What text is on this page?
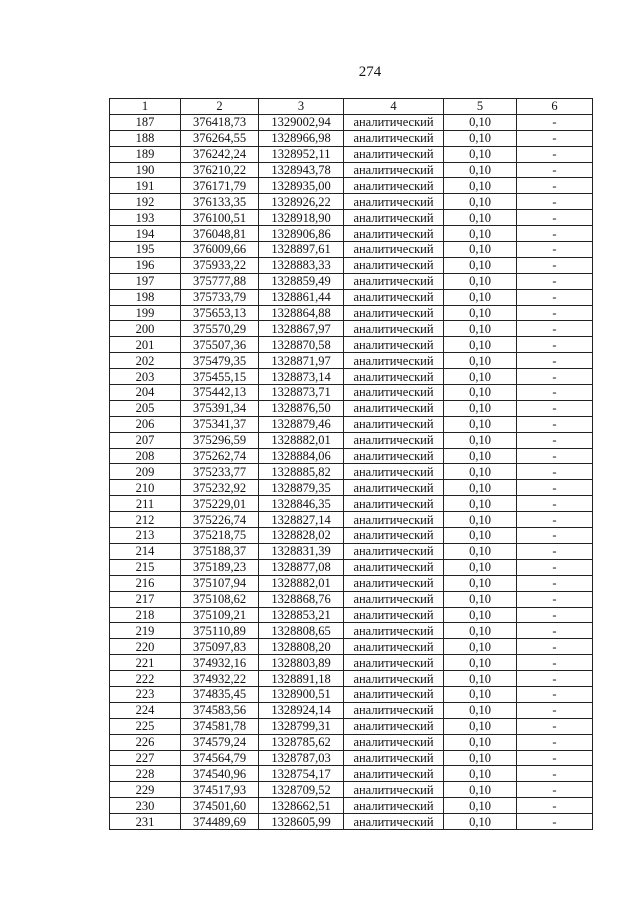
274
1	2	3	4	5	6
187	376418,73	1329002,94	аналитический	0,10	-
188	376264,55	1328966,98	аналитический	0,10	-
189	376242,24	1328952,11	аналитический	0,10	-
190	376210,22	1328943,78	аналитический	0,10	-
191	376171,79	1328935,00	аналитический	0,10	-
192	376133,35	1328926,22	аналитический	0,10	-
193	376100,51	1328918,90	аналитический	0,10	-
194	376048,81	1328906,86	аналитический	0,10	-
195	376009,66	1328897,61	аналитический	0,10	-
196	375933,22	1328883,33	аналитический	0,10	-
197	375777,88	1328859,49	аналитический	0,10	-
198	375733,79	1328861,44	аналитический	0,10	-
199	375653,13	1328864,88	аналитический	0,10	-
200	375570,29	1328867,97	аналитический	0,10	-
201	375507,36	1328870,58	аналитический	0,10	-
202	375479,35	1328871,97	аналитический	0,10	-
203	375455,15	1328873,14	аналитический	0,10	-
204	375442,13	1328873,71	аналитический	0,10	-
205	375391,34	1328876,50	аналитический	0,10	-
206	375341,37	1328879,46	аналитический	0,10	-
207	375296,59	1328882,01	аналитический	0,10	-
208	375262,74	1328884,06	аналитический	0,10	-
209	375233,77	1328885,82	аналитический	0,10	-
210	375232,92	1328879,35	аналитический	0,10	-
211	375229,01	1328846,35	аналитический	0,10	-
212	375226,74	1328827,14	аналитический	0,10	-
213	375218,75	1328828,02	аналитический	0,10	-
214	375188,37	1328831,39	аналитический	0,10	-
215	375189,23	1328877,08	аналитический	0,10	-
216	375107,94	1328882,01	аналитический	0,10	-
217	375108,62	1328868,76	аналитический	0,10	-
218	375109,21	1328853,21	аналитический	0,10	-
219	375110,89	1328808,65	аналитический	0,10	-
220	375097,83	1328808,20	аналитический	0,10	-
221	374932,16	1328803,89	аналитический	0,10	-
222	374932,22	1328891,18	аналитический	0,10	-
223	374835,45	1328900,51	аналитический	0,10	-
224	374583,56	1328924,14	аналитический	0,10	-
225	374581,78	1328799,31	аналитический	0,10	-
226	374579,24	1328785,62	аналитический	0,10	-
227	374564,79	1328787,03	аналитический	0,10	-
228	374540,96	1328754,17	аналитический	0,10	-
229	374517,93	1328709,52	аналитический	0,10	-
230	374501,60	1328662,51	аналитический	0,10	-
231	374489,69	1328605,99	аналитический	0,10	-
